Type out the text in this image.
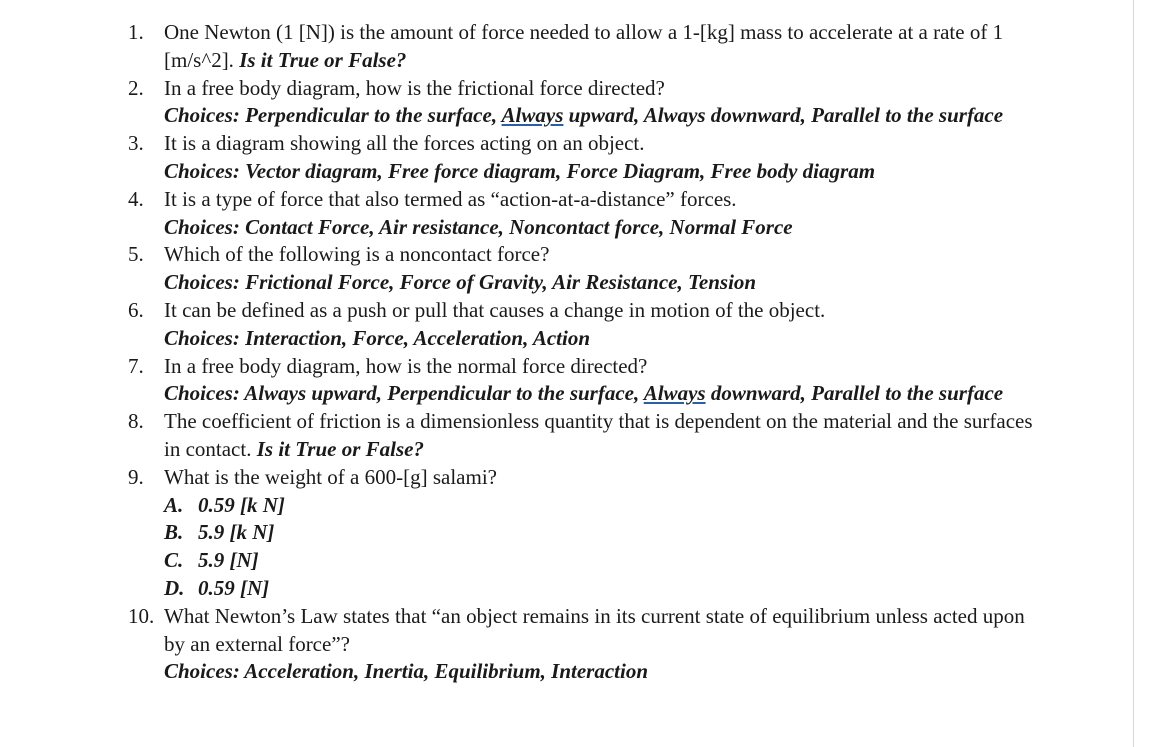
1. One Newton (1 [N]) is the amount of force needed to allow a 1-[kg] mass to accelerate at a rate of 1 [m/s^2]. Is it True or False?
2. In a free body diagram, how is the frictional force directed?
Choices: Perpendicular to the surface, Always upward, Always downward, Parallel to the surface
3. It is a diagram showing all the forces acting on an object.
Choices: Vector diagram, Free force diagram, Force Diagram, Free body diagram
4. It is a type of force that also termed as “action-at-a-distance” forces.
Choices: Contact Force, Air resistance, Noncontact force, Normal Force
5. Which of the following is a noncontact force?
Choices: Frictional Force, Force of Gravity, Air Resistance, Tension
6. It can be defined as a push or pull that causes a change in motion of the object.
Choices: Interaction, Force, Acceleration, Action
7. In a free body diagram, how is the normal force directed?
Choices: Always upward, Perpendicular to the surface, Always downward, Parallel to the surface
8. The coefficient of friction is a dimensionless quantity that is dependent on the material and the surfaces in contact. Is it True or False?
9. What is the weight of a 600-[g] salami?
A. 0.59 [k N]
B. 5.9 [k N]
C. 5.9 [N]
D. 0.59 [N]
10. What Newton’s Law states that “an object remains in its current state of equilibrium unless acted upon by an external force”?
Choices: Acceleration, Inertia, Equilibrium, Interaction
